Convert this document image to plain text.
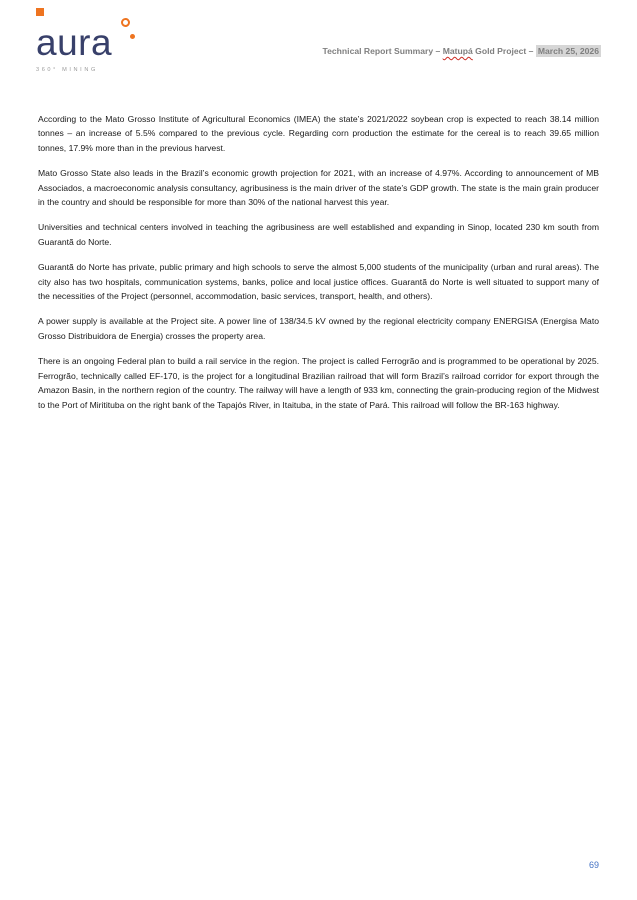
aura
360° MINING
Technical Report Summary – Matupá Gold Project – March 25, 2026

According to the Mato Grosso Institute of Agricultural Economics (IMEA) the state’s 2021/2022 soybean crop is expected to reach 38.14 million tonnes – an increase of 5.5% compared to the previous cycle. Regarding corn production the estimate for the cereal is to reach 39.65 million tonnes, 17.9% more than in the previous harvest.

Mato Grosso State also leads in the Brazil’s economic growth projection for 2021, with an increase of 4.97%. According to announcement of MB Associados, a macroeconomic analysis consultancy, agribusiness is the main driver of the state’s GDP growth. The state is the main grain producer in the country and should be responsible for more than 30% of the national harvest this year.

Universities and technical centers involved in teaching the agribusiness are well established and expanding in Sinop, located 230 km south from Guarantã do Norte.

Guarantã do Norte has private, public primary and high schools to serve the almost 5,000 students of the municipality (urban and rural areas). The city also has two hospitals, communication systems, banks, police and local justice offices. Guarantã do Norte is well situated to support many of the necessities of the Project (personnel, accommodation, basic services, transport, health, and others).

A power supply is available at the Project site. A power line of 138/34.5 kV owned by the regional electricity company ENERGISA (Energisa Mato Grosso Distribuidora de Energia) crosses the property area.

There is an ongoing Federal plan to build a rail service in the region. The project is called Ferrogrão and is programmed to be operational by 2025. Ferrogrão, technically called EF-170, is the project for a longitudinal Brazilian railroad that will form Brazil’s railroad corridor for export through the Amazon Basin, in the northern region of the country. The railway will have a length of 933 km, connecting the grain-producing region of the Midwest to the Port of Miritituba on the right bank of the Tapajós River, in Itaituba, in the state of Pará. This railroad will follow the BR-163 highway.

69
